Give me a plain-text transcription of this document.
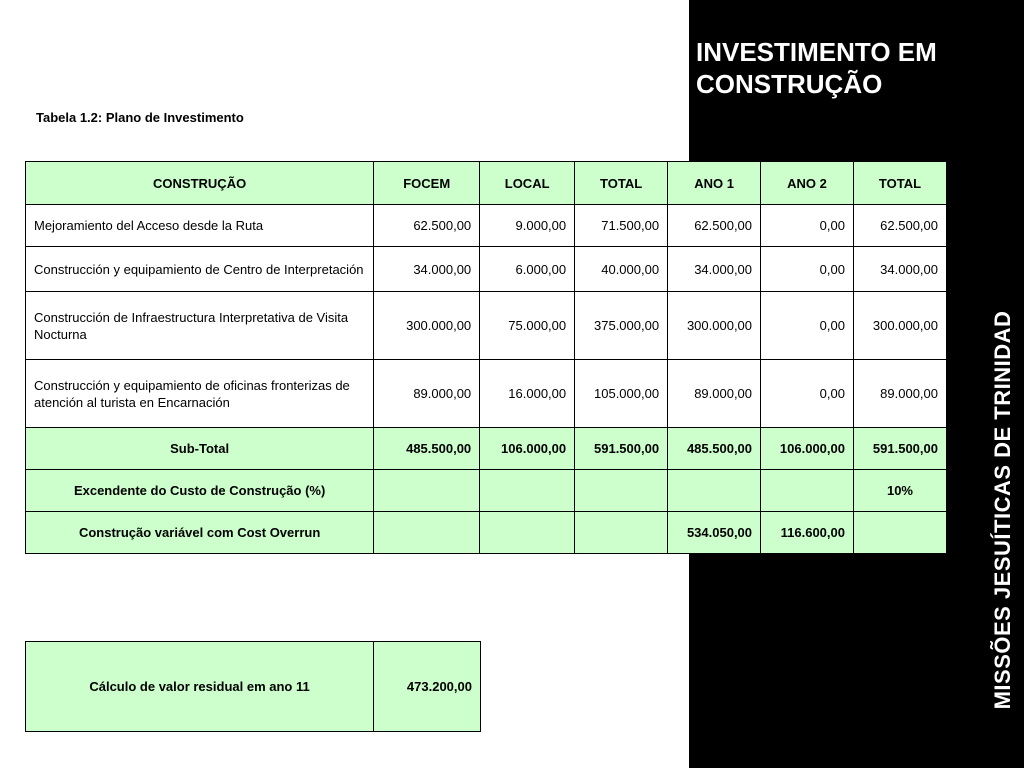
INVESTIMENTO EM CONSTRUÇÃO
MISSÕES JESUÍTICAS DE TRINIDAD
Tabela 1.2: Plano de Investimento
CONSTRUÇÃO	FOCEM	LOCAL	TOTAL	ANO 1	ANO 2	TOTAL
Mejoramiento del Acceso desde la Ruta	62.500,00	9.000,00	71.500,00	62.500,00	0,00	62.500,00
Construcción y equipamiento de Centro de Interpretación	34.000,00	6.000,00	40.000,00	34.000,00	0,00	34.000,00
Construcción de Infraestructura Interpretativa de Visita Nocturna	300.000,00	75.000,00	375.000,00	300.000,00	0,00	300.000,00
Construcción y equipamiento de oficinas fronterizas de atención al turista en Encarnación	89.000,00	16.000,00	105.000,00	89.000,00	0,00	89.000,00
Sub-Total	485.500,00	106.000,00	591.500,00	485.500,00	106.000,00	591.500,00
Excendente do Custo de Construção (%)						10%
Construção variável com Cost Overrun				534.050,00	116.600,00	
Cálculo de valor residual em ano 11	473.200,00
